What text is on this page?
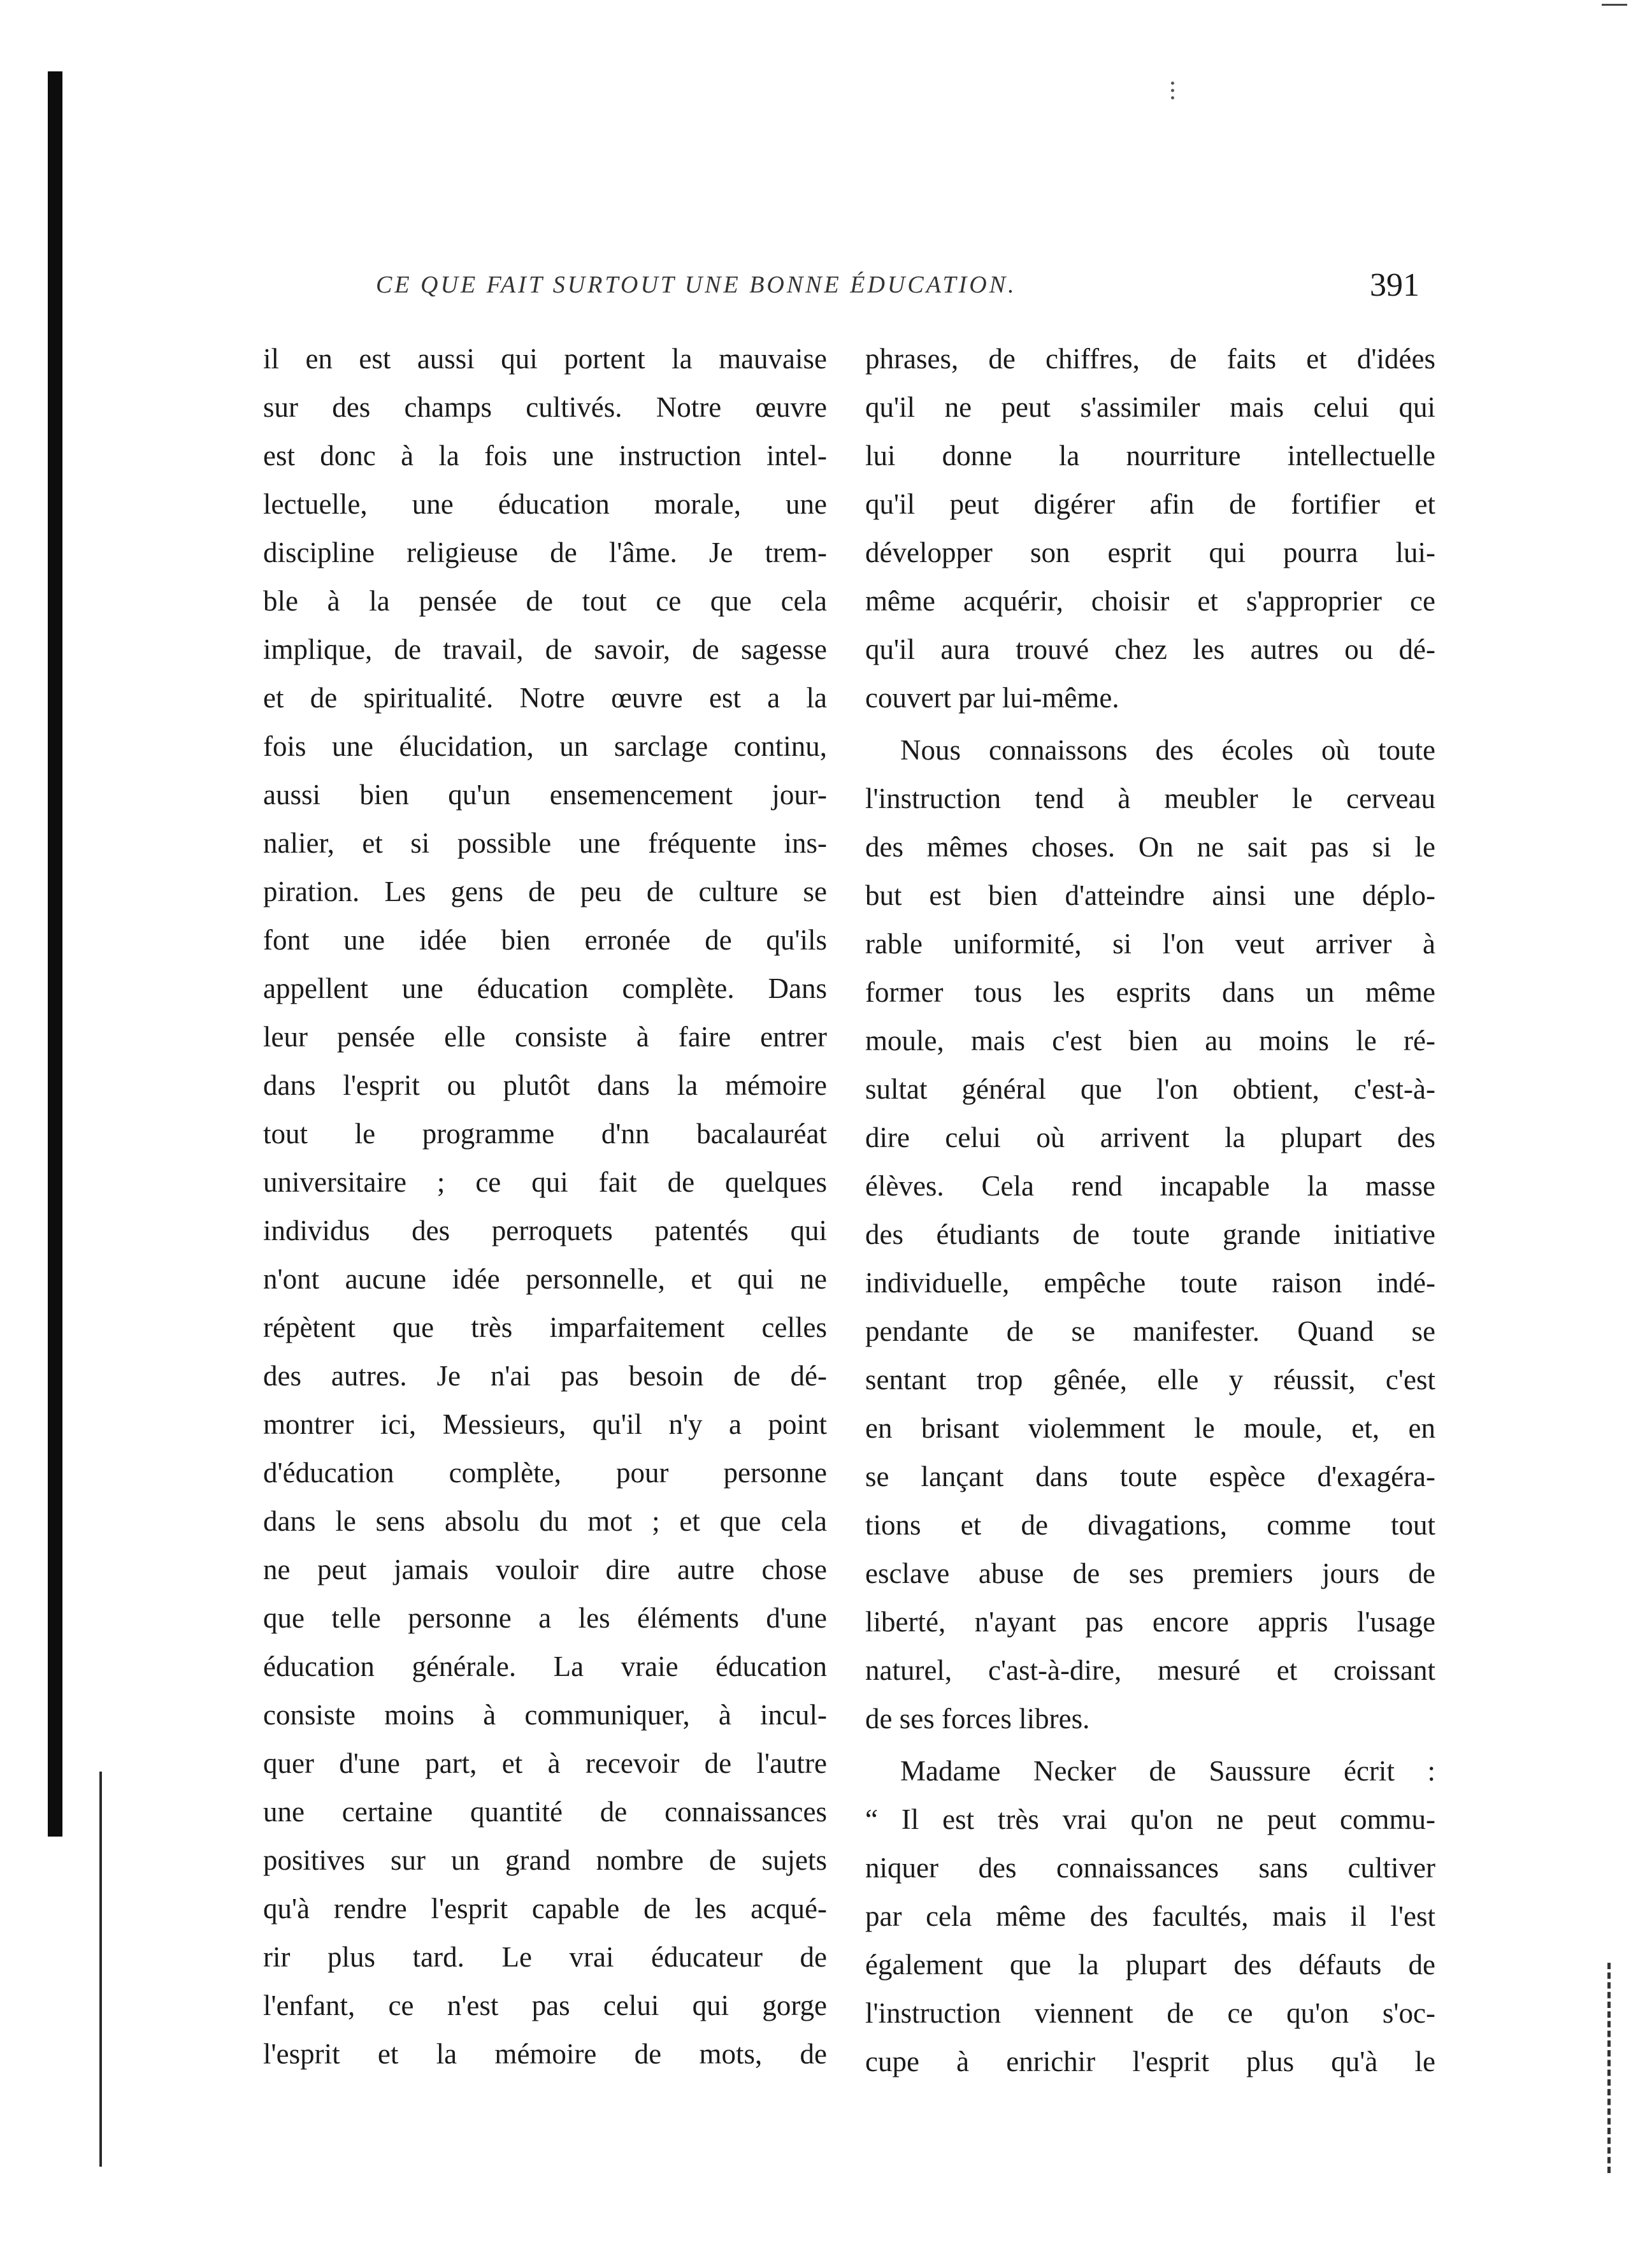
CE QUE FAIT SURTOUT UNE BONNE ÉDUCATION.	391

il en est aussi qui portent la mauvaise
sur des champs cultivés. Notre œuvre
est donc à la fois une instruction intel-
lectuelle, une éducation morale, une
discipline religieuse de l'âme. Je trem-
ble à la pensée de tout ce que cela
implique, de travail, de savoir, de sagesse
et de spiritualité. Notre œuvre est a la
fois une élucidation, un sarclage continu,
aussi bien qu'un ensemencement jour-
nalier, et si possible une fréquente ins-
piration. Les gens de peu de culture se
font une idée bien erronée de qu'ils
appellent une éducation complète. Dans
leur pensée elle consiste à faire entrer
dans l'esprit ou plutôt dans la mémoire
tout le programme d'nn bacalauréat
universitaire ; ce qui fait de quelques
individus des perroquets patentés qui
n'ont aucune idée personnelle, et qui ne
répètent que très imparfaitement celles
des autres. Je n'ai pas besoin de dé-
montrer ici, Messieurs, qu'il n'y a point
d'éducation complète, pour personne
dans le sens absolu du mot ; et que cela
ne peut jamais vouloir dire autre chose
que telle personne a les éléments d'une
éducation générale. La vraie éducation
consiste moins à communiquer, à incul-
quer d'une part, et à recevoir de l'autre
une certaine quantité de connaissances
positives sur un grand nombre de sujets
qu'à rendre l'esprit capable de les acqué-
rir plus tard. Le vrai éducateur de
l'enfant, ce n'est pas celui qui gorge
l'esprit et la mémoire de mots, de

phrases, de chiffres, de faits et d'idées
qu'il ne peut s'assimiler mais celui qui
lui donne la nourriture intellectuelle
qu'il peut digérer afin de fortifier et
développer son esprit qui pourra lui-
même acquérir, choisir et s'approprier ce
qu'il aura trouvé chez les autres ou dé-
couvert par lui-même.

Nous connaissons des écoles où toute
l'instruction tend à meubler le cerveau
des mêmes choses. On ne sait pas si le
but est bien d'atteindre ainsi une déplo-
rable uniformité, si l'on veut arriver à
former tous les esprits dans un même
moule, mais c'est bien au moins le ré-
sultat général que l'on obtient, c'est-à-
dire celui où arrivent la plupart des
élèves. Cela rend incapable la masse
des étudiants de toute grande initiative
individuelle, empêche toute raison indé-
pendante de se manifester. Quand se
sentant trop gênée, elle y réussit, c'est
en brisant violemment le moule, et, en
se lançant dans toute espèce d'exagéra-
tions et de divagations, comme tout
esclave abuse de ses premiers jours de
liberté, n'ayant pas encore appris l'usage
naturel, c'ast-à-dire, mesuré et croissant
de ses forces libres.

Madame Necker de Saussure écrit :
“ Il est très vrai qu'on ne peut commu-
niquer des connaissances sans cultiver
par cela même des facultés, mais il l'est
également que la plupart des défauts de
l'instruction viennent de ce qu'on s'oc-
cupe à enrichir l'esprit plus qu'à le
